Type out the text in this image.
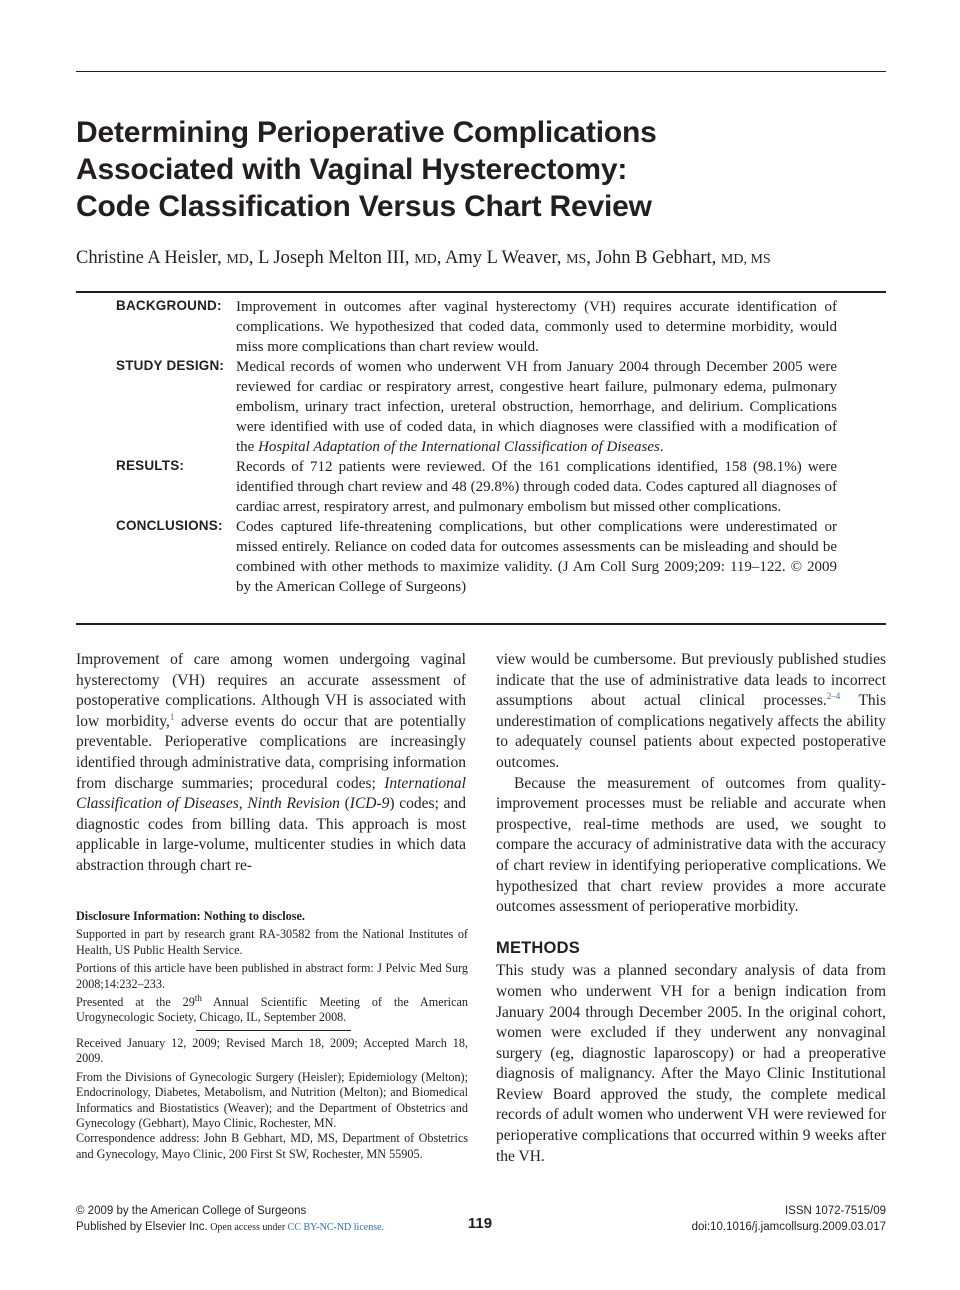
Determining Perioperative Complications
Associated with Vaginal Hysterectomy:
Code Classification Versus Chart Review
Christine A Heisler, MD, L Joseph Melton III, MD, Amy L Weaver, MS, John B Gebhart, MD, MS
BACKGROUND: Improvement in outcomes after vaginal hysterectomy (VH) requires accurate identification of complications. We hypothesized that coded data, commonly used to determine morbidity, would miss more complications than chart review would.
STUDY DESIGN: Medical records of women who underwent VH from January 2004 through December 2005 were reviewed for cardiac or respiratory arrest, congestive heart failure, pulmonary edema, pulmonary embolism, urinary tract infection, ureteral obstruction, hemorrhage, and delirium. Complications were identified with use of coded data, in which diagnoses were classified with a modification of the Hospital Adaptation of the International Classification of Diseases.
RESULTS:	Records of 712 patients were reviewed. Of the 161 complications identified, 158 (98.1%) were identified through chart review and 48 (29.8%) through coded data. Codes captured all diagnoses of cardiac arrest, respiratory arrest, and pulmonary embolism but missed other complications.
CONCLUSIONS: Codes captured life-threatening complications, but other complications were underestimated or missed entirely. Reliance on coded data for outcomes assessments can be misleading and should be combined with other methods to maximize validity. (J Am Coll Surg 2009;209: 119–122. © 2009 by the American College of Surgeons)

Improvement of care among women undergoing vaginal hysterectomy (VH) requires an accurate assessment of postoperative complications. Although VH is associated with low morbidity,$^1$ adverse events do occur that are potentially preventable. Perioperative complications are increasingly identified through administrative data, comprising information from discharge summaries; procedural codes; International Classification of Diseases, Ninth Revision (ICD-9) codes; and diagnostic codes from billing data. This approach is most applicable in large-volume, multicenter studies in which data abstraction through chart re-

Disclosure Information: Nothing to disclose.

Supported in part by research grant RA-30582 from the National Institutes of Health, US Public Health Service.

Portions of this article have been published in abstract form: J Pelvic Med Surg 2008;14:232–233.

Presented at the 29th Annual Scientific Meeting of the American Urogynecologic Society, Chicago, IL, September 2008.

Received January 12, 2009; Revised March 18, 2009; Accepted March 18, 2009.

From the Divisions of Gynecologic Surgery (Heisler); Epidemiology (Melton); Endocrinology, Diabetes, Metabolism, and Nutrition (Melton); and Biomedical Informatics and Biostatistics (Weaver); and the Department of Obstetrics and Gynecology (Gebhart), Mayo Clinic, Rochester, MN.

Correspondence address: John B Gebhart, MD, MS, Department of Obstetrics and Gynecology, Mayo Clinic, 200 First St SW, Rochester, MN 55905.

view would be cumbersome. But previously published studies indicate that the use of administrative data leads to incorrect assumptions about actual clinical processes.$^{2-4}$ This underestimation of complications negatively affects the ability to adequately counsel patients about expected postoperative outcomes.

Because the measurement of outcomes from quality-improvement processes must be reliable and accurate when prospective, real-time methods are used, we sought to compare the accuracy of administrative data with the accuracy of chart review in identifying perioperative complications. We hypothesized that chart review provides a more accurate outcomes assessment of perioperative morbidity.

METHODS

This study was a planned secondary analysis of data from women who underwent VH for a benign indication from January 2004 through December 2005. In the original cohort, women were excluded if they underwent any nonvaginal surgery (eg, diagnostic laparoscopy) or had a preoperative diagnosis of malignancy. After the Mayo Clinic Institutional Review Board approved the study, the complete medical records of adult women who underwent VH were reviewed for perioperative complications that occurred within 9 weeks after the VH.

© 2009 by the American College of Surgeons
Published by Elsevier Inc. Open access under CC BY-NC-ND license.	119
ISSN 1072-7515/09
doi:10.1016/j.jamcollsurg.2009.03.017
